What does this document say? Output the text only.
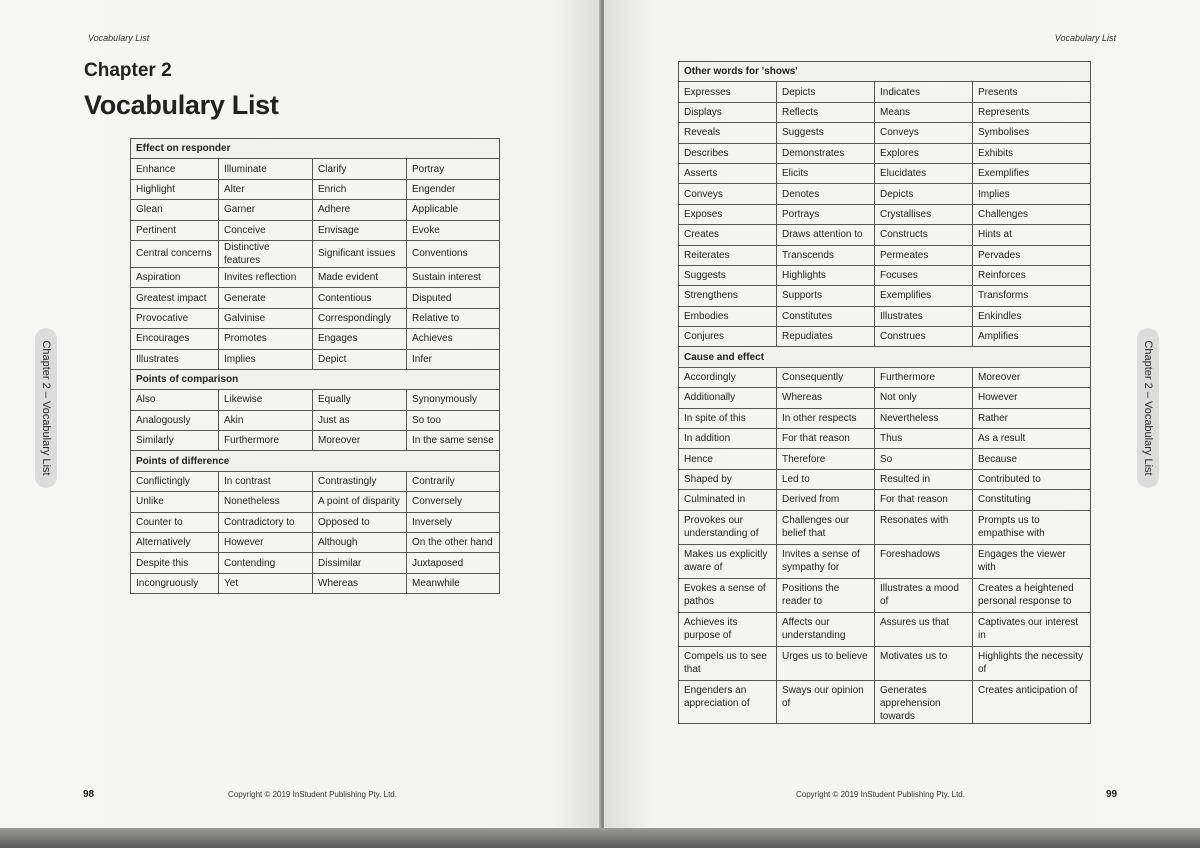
Vocabulary List
Chapter 2
Vocabulary List
Effect on responder			
Enhance	Illuminate	Clarify	Portray
Highlight	Alter	Enrich	Engender
Glean	Garner	Adhere	Applicable
Pertinent	Conceive	Envisage	Evoke
Central concerns	Distinctive features	Significant issues	Conventions
Aspiration	Invites reflection	Made evident	Sustain interest
Greatest impact	Generate	Contentious	Disputed
Provocative	Galvinise	Correspondingly	Relative to
Encourages	Promotes	Engages	Achieves
Illustrates	Implies	Depict	Infer
Points of comparison			
Also	Likewise	Equally	Synonymously
Analogously	Akin	Just as	So too
Similarly	Furthermore	Moreover	In the same sense
Points of difference			
Conflictingly	In contrast	Contrastingly	Contrarily
Unlike	Nonetheless	A point of disparity	Conversely
Counter to	Contradictory to	Opposed to	Inversely
Alternatively	However	Although	On the other hand
Despite this	Contending	Dissimilar	Juxtaposed
Incongruously	Yet	Whereas	Meanwhile
Chapter 2 – Vocabulary List
98	Copyright © 2019 InStudent Publishing Pty. Ltd.
Vocabulary List
Other words for 'shows'			
Expresses	Depicts	Indicates	Presents
Displays	Reflects	Means	Represents
Reveals	Suggests	Conveys	Symbolises
Describes	Demonstrates	Explores	Exhibits
Asserts	Elicits	Elucidates	Exemplifies
Conveys	Denotes	Depicts	Implies
Exposes	Portrays	Crystallises	Challenges
Creates	Draws attention to	Constructs	Hints at
Reiterates	Transcends	Permeates	Pervades
Suggests	Highlights	Focuses	Reinforces
Strengthens	Supports	Exemplifies	Transforms
Embodies	Constitutes	Illustrates	Enkindles
Conjures	Repudiates	Construes	Amplifies
Cause and effect			
Accordingly	Consequently	Furthermore	Moreover
Additionally	Whereas	Not only	However
In spite of this	In other respects	Nevertheless	Rather
In addition	For that reason	Thus	As a result
Hence	Therefore	So	Because
Shaped by	Led to	Resulted in	Contributed to
Culminated in	Derived from	For that reason	Constituting
Provokes our understanding of	Challenges our belief that	Resonates with	Prompts us to empathise with
Makes us explicitly aware of	Invites a sense of sympathy for	Foreshadows	Engages the viewer with
Evokes a sense of pathos	Positions the reader to	Illustrates a mood of	Creates a heightened personal response to
Achieves its purpose of	Affects our understanding	Assures us that	Captivates our interest in
Compels us to see that	Urges us to believe	Motivates us to	Highlights the necessity of
Engenders an appreciation of	Sways our opinion of	Generates apprehension towards	Creates anticipation of
Chapter 2 – Vocabulary List
Copyright © 2019 InStudent Publishing Pty. Ltd.	99
